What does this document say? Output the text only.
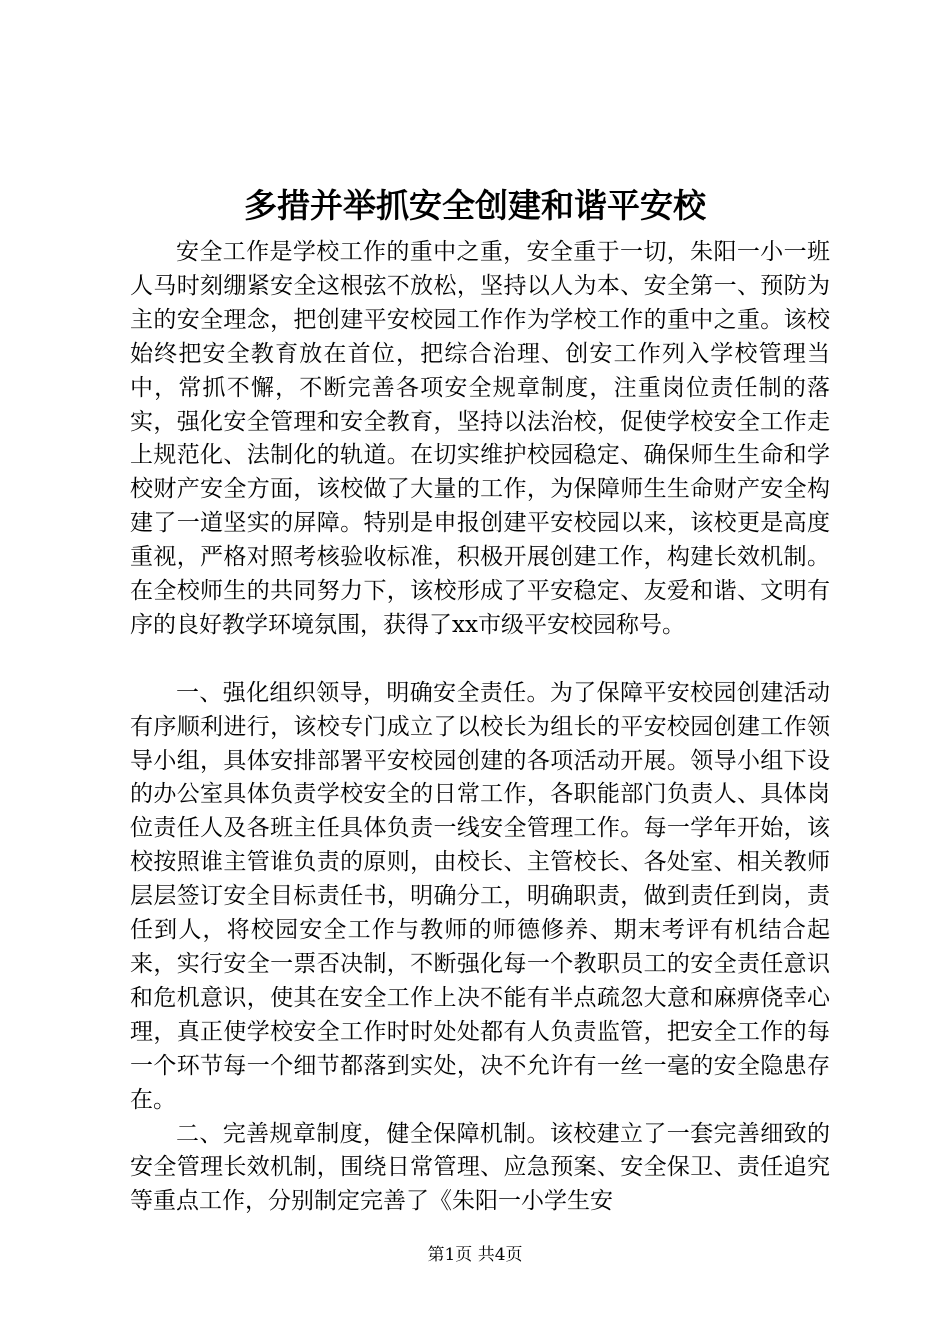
多措并举抓安全创建和谐平安校

安全工作是学校工作的重中之重，安全重于一切，朱阳一小一班人马时刻绷紧安全这根弦不放松，坚持以人为本、安全第一、预防为主的安全理念，把创建平安校园工作作为学校工作的重中之重。该校始终把安全教育放在首位，把综合治理、创安工作列入学校管理当中，常抓不懈，不断完善各项安全规章制度，注重岗位责任制的落实，强化安全管理和安全教育，坚持以法治校，促使学校安全工作走上规范化、法制化的轨道。在切实维护校园稳定、确保师生生命和学校财产安全方面，该校做了大量的工作，为保障师生生命财产安全构建了一道坚实的屏障。特别是申报创建平安校园以来，该校更是高度重视，严格对照考核验收标准，积极开展创建工作，构建长效机制。在全校师生的共同努力下，该校形成了平安稳定、友爱和谐、文明有序的良好教学环境氛围，获得了xx市级平安校园称号。

一、强化组织领导，明确安全责任。为了保障平安校园创建活动有序顺利进行，该校专门成立了以校长为组长的平安校园创建工作领导小组，具体安排部署平安校园创建的各项活动开展。领导小组下设的办公室具体负责学校安全的日常工作，各职能部门负责人、具体岗位责任人及各班主任具体负责一线安全管理工作。每一学年开始，该校按照谁主管谁负责的原则，由校长、主管校长、各处室、相关教师层层签订安全目标责任书，明确分工，明确职责，做到责任到岗，责任到人，将校园安全工作与教师的师德修养、期末考评有机结合起来，实行安全一票否决制，不断强化每一个教职员工的安全责任意识和危机意识，使其在安全工作上决不能有半点疏忽大意和麻痹侥幸心理，真正使学校安全工作时时处处都有人负责监管，把安全工作的每一个环节每一个细节都落到实处，决不允许有一丝一毫的安全隐患存在。

二、完善规章制度，健全保障机制。该校建立了一套完善细致的安全管理长效机制，围绕日常管理、应急预案、安全保卫、责任追究等重点工作，分别制定完善了《朱阳一小学生安

第1页 共4页
